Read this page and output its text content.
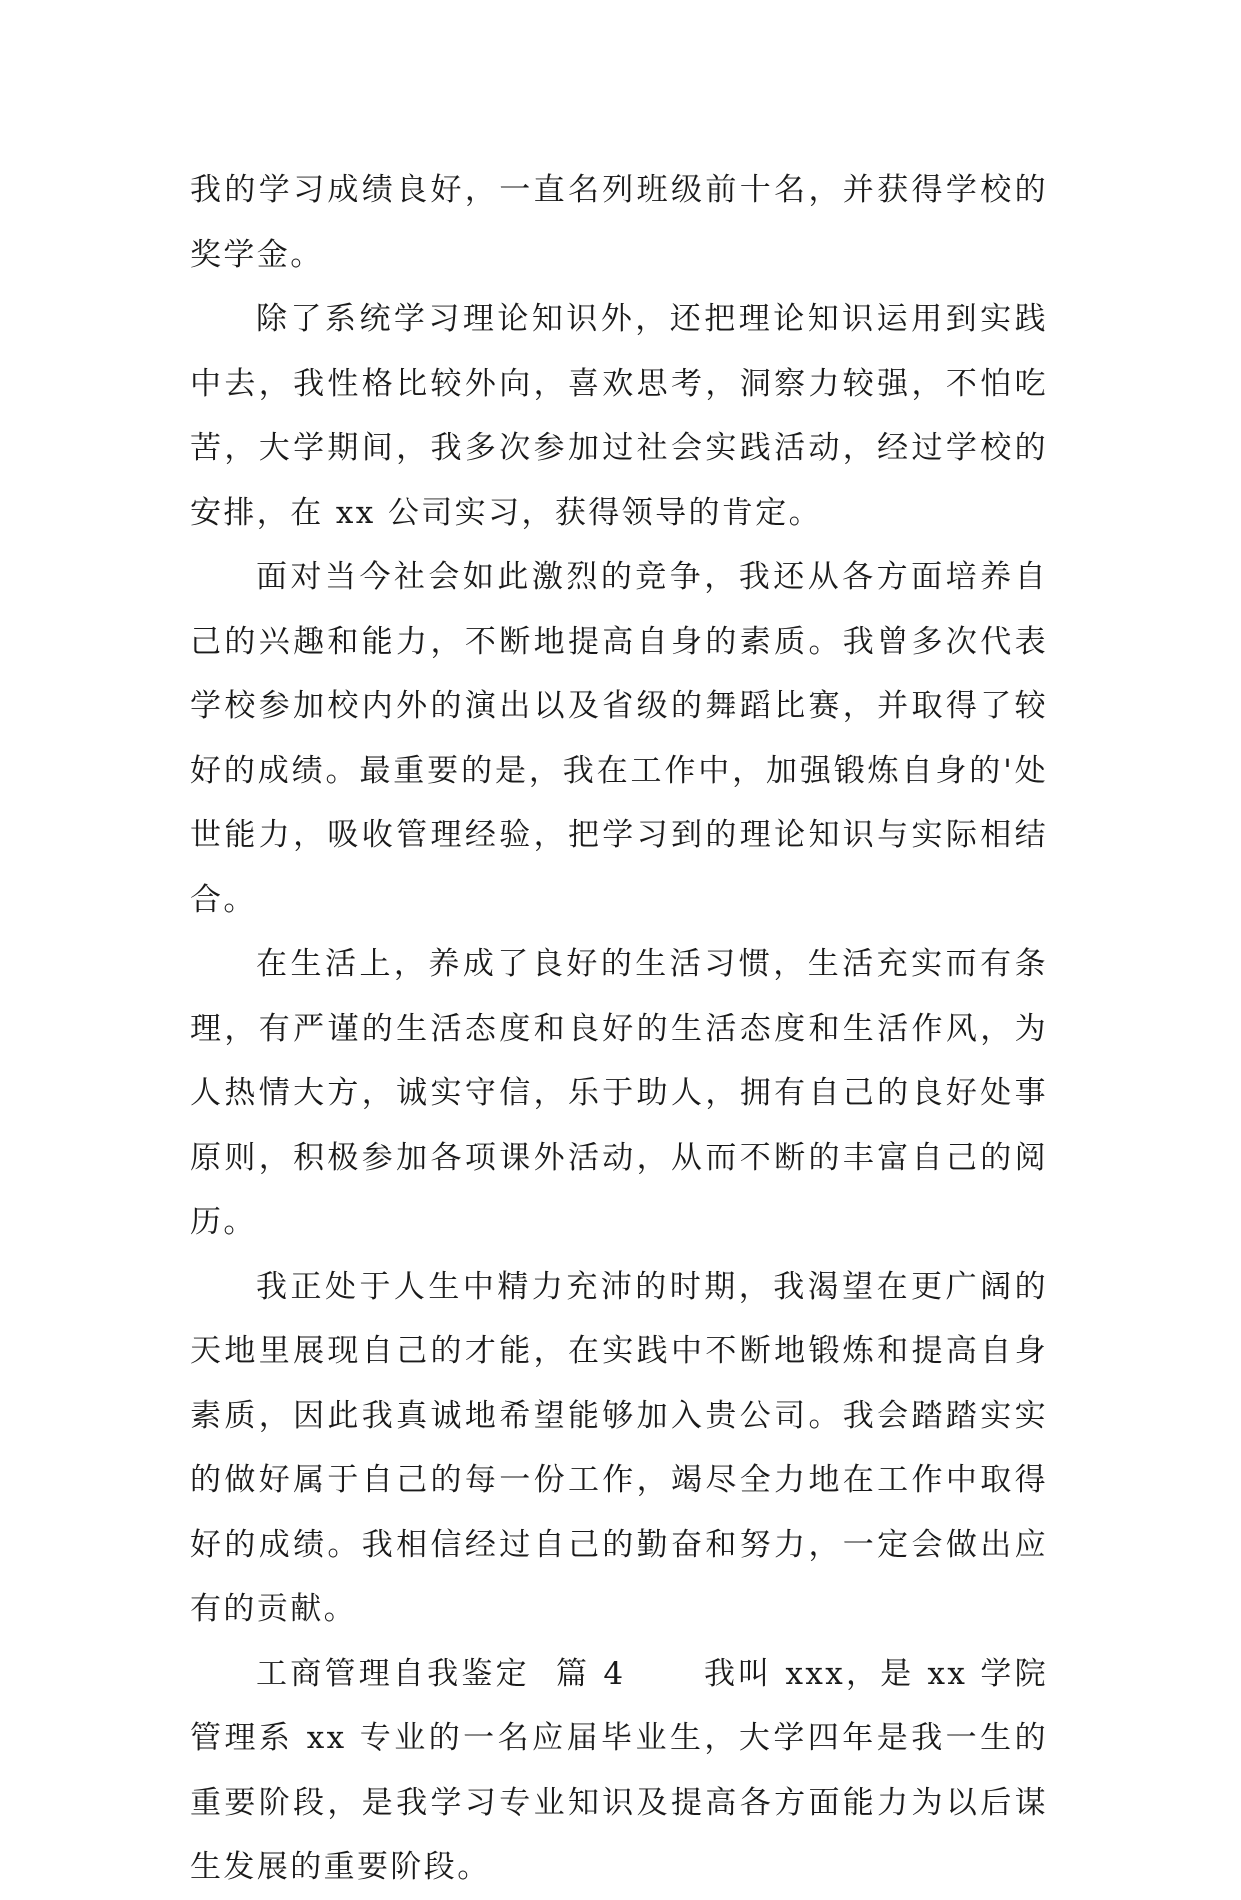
我的学习成绩良好，一直名列班级前十名，并获得学校的奖学金。

除了系统学习理论知识外，还把理论知识运用到实践中去，我性格比较外向，喜欢思考，洞察力较强，不怕吃苦，大学期间，我多次参加过社会实践活动，经过学校的安排，在 xx 公司实习，获得领导的肯定。

面对当今社会如此激烈的竞争，我还从各方面培养自己的兴趣和能力，不断地提高自身的素质。我曾多次代表学校参加校内外的演出以及省级的舞蹈比赛，并取得了较好的成绩。最重要的是，我在工作中，加强锻炼自身的'处世能力，吸收管理经验，把学习到的理论知识与实际相结合。

在生活上，养成了良好的生活习惯，生活充实而有条理，有严谨的生活态度和良好的生活态度和生活作风，为人热情大方，诚实守信，乐于助人，拥有自己的良好处事原则，积极参加各项课外活动，从而不断的丰富自己的阅历。

我正处于人生中精力充沛的时期，我渴望在更广阔的天地里展现自己的才能，在实践中不断地锻炼和提高自身素质，因此我真诚地希望能够加入贵公司。我会踏踏实实的做好属于自己的每一份工作，竭尽全力地在工作中取得好的成绩。我相信经过自己的勤奋和努力，一定会做出应有的贡献。

工商管理自我鉴定  篇 4      我叫 xxx，是 xx 学院管理系 xx 专业的一名应届毕业生，大学四年是我一生的重要阶段，是我学习专业知识及提高各方面能力为以后谋生发展的重要阶段。
